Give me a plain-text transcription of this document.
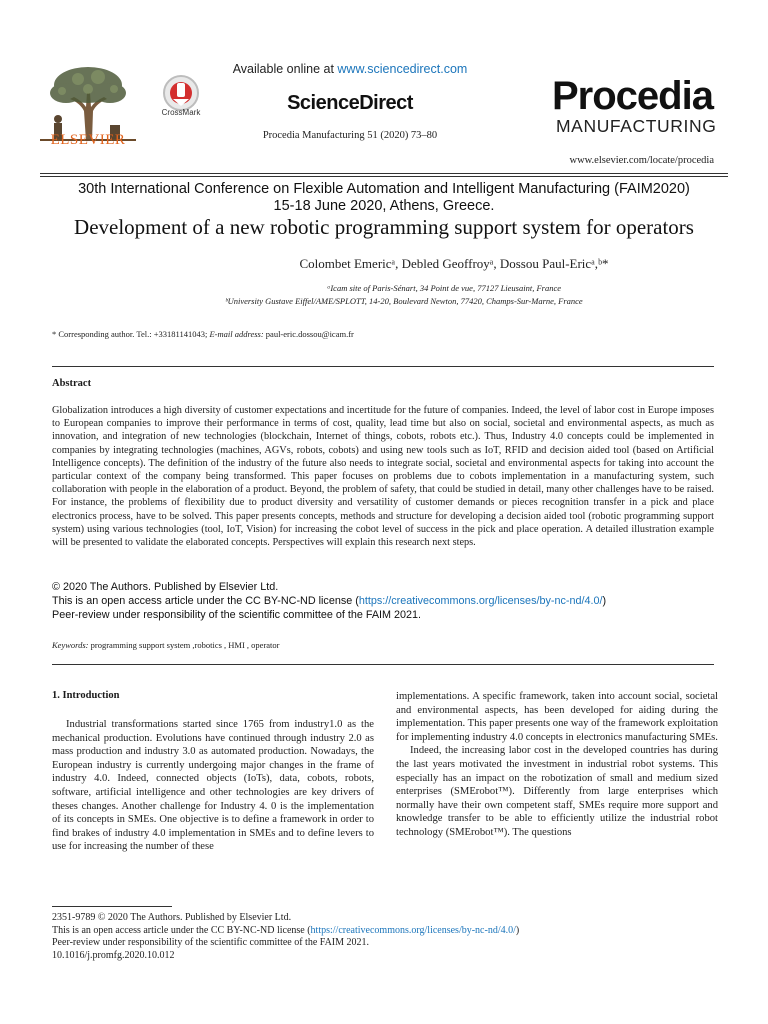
ELSEVIER
CrossMark
Available online at www.sciencedirect.com
ScienceDirect
Procedia Manufacturing 51 (2020) 73–80
Procedia
MANUFACTURING
www.elsevier.com/locate/procedia
30th International Conference on Flexible Automation and Intelligent Manufacturing (FAIM2020)
15-18 June 2020, Athens, Greece.
Development of a new robotic programming support system for operators
Colombet Emericᵃ, Debled Geoffroyᵃ, Dossou Paul-Ericᵃ,ᵇ*
ᵃIcam site of Paris-Sénart, 34 Point de vue, 77127 Lieusaint, France
ᵇUniversity Gustave Eiffel/AME/SPLOTT, 14-20, Boulevard Newton, 77420, Champs-Sur-Marne, France
* Corresponding author. Tel.: +33181141043; E-mail address: paul-eric.dossou@icam.fr
Abstract
Globalization introduces a high diversity of customer expectations and incertitude for the future of companies. Indeed, the level of labor cost in Europe imposes to European companies to improve their performance in terms of cost, quality, lead time but also on social, societal and environmental aspects, as much as innovation, and integration of new technologies (blockchain, Internet of things, cobots, robots etc.). Thus, Industry 4.0 concepts could be implemented in companies by integrating technologies (machines, AGVs, robots, cobots) and using new tools such as IoT, RFID and decision aided tool (based on Artificial Intelligence concepts). The definition of the industry of the future also needs to integrate social, societal and environmental aspects for taking into account the particular context of the company being transformed. This paper focuses on problems due to cobots implementation in a manufacturing system, such collaboration with people in the elaboration of a product. Beyond, the problem of safety, that could be studied in detail, many other challenges have to be raised. For instance, the problems of flexibility due to product diversity and versatility of customer demands or pieces recognition transfer in a pick and place electronics process, have to be solved. This paper presents concepts, methods and structure for developing a decision aided tool (robotic programming support system) using various technologies (tool, IoT, Vision) for increasing the cobot level of success in the pick and place operation. A detailed illustration example will be presented to validate the elaborated concepts. Perspectives will explain this research next steps.
© 2020 The Authors. Published by Elsevier Ltd.
This is an open access article under the CC BY-NC-ND license (https://creativecommons.org/licenses/by-nc-nd/4.0/)
Peer-review under responsibility of the scientific committee of the FAIM 2021.
Keywords: programming support system ,robotics , HMI , operator
1. Introduction

Industrial transformations started since 1765 from industry1.0 as the mechanical production. Evolutions have continued through industry 2.0 as mass production and industry 3.0 as automated production. Nowadays, the European industry is currently undergoing major changes in the frame of industry 4.0. Indeed, connected objects (IoTs), data, cobots, robots, software, artificial intelligence and other technologies are key drivers of theses changes. Another challenge for Industry 4. 0 is the implementation of its concepts in SMEs. One objective is to define a framework in order to find brakes of industry 4.0 implementation in SMEs and to define levers to use for increasing the number of these

implementations. A specific framework, taken into account social, societal and environmental aspects, has been developed for aiding during the implementation. This paper presents one way of the framework exploitation for implementing industry 4.0 concepts in electronics manufacturing SMEs.

Indeed, the increasing labor cost in the developed countries has during the last years motivated the investment in industrial robot systems. This especially has an impact on the robotization of small and medium sized enterprises (SMErobot™). Differently from large enterprises which normally have their own competent staff, SMEs require more support and knowledge transfer to be able to efficiently utilize the industrial robot technology (SMErobot™). The questions

2351-9789 © 2020 The Authors. Published by Elsevier Ltd.
This is an open access article under the CC BY-NC-ND license (https://creativecommons.org/licenses/by-nc-nd/4.0/)
Peer-review under responsibility of the scientific committee of the FAIM 2021.
10.1016/j.promfg.2020.10.012
